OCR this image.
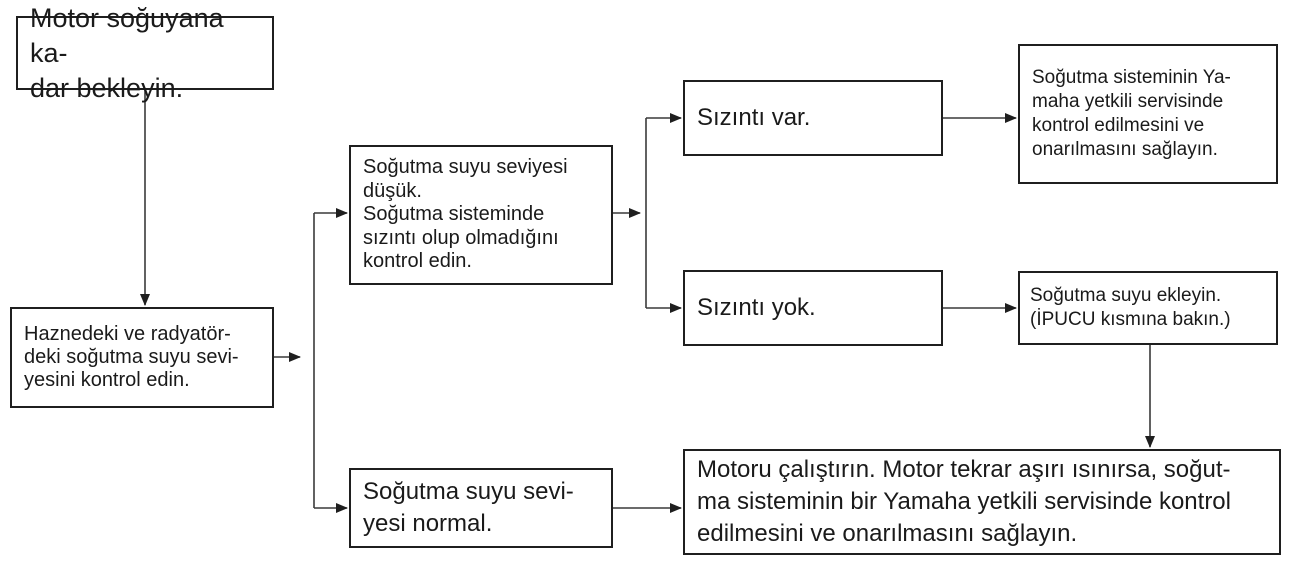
Motor soğuyana ka-
dar bekleyin.
Haznedeki ve radyatör-
deki soğutma suyu sevi-
yesini kontrol edin.
Soğutma suyu seviyesi
düşük.
Soğutma sisteminde
sızıntı olup olmadığını
kontrol edin.
Soğutma suyu sevi-
yesi normal.
Sızıntı var.
Sızıntı yok.
Soğutma sisteminin Ya-
maha yetkili servisinde
kontrol edilmesini ve
onarılmasını sağlayın.
Soğutma suyu ekleyin.
(İPUCU kısmına bakın.)
Motoru çalıştırın. Motor tekrar aşırı ısınırsa, soğut-
ma sisteminin bir Yamaha yetkili servisinde kontrol
edilmesini ve onarılmasını sağlayın.
